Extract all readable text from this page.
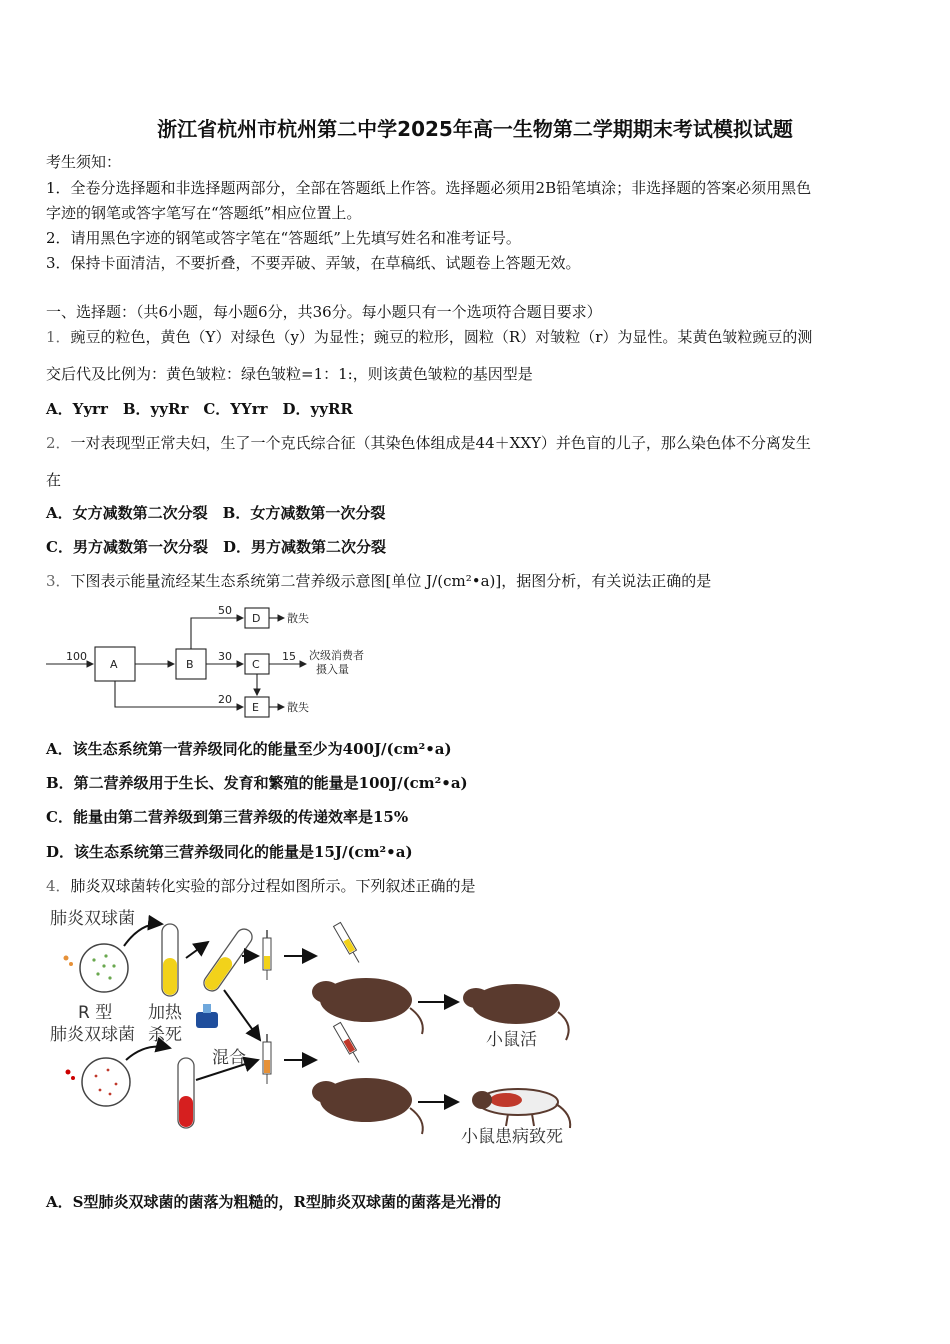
浙江省杭州市杭州第二中学2025年高一生物第二学期期末考试模拟试题
考生须知：
1．全卷分选择题和非选择题两部分，全部在答题纸上作答。选择题必须用2B铅笔填涂；非选择题的答案必须用黑色
字迹的钢笔或答字笔写在“答题纸”相应位置上。
2．请用黑色字迹的钢笔或答字笔在“答题纸”上先填写姓名和准考证号。
3．保持卡面清洁，不要折叠，不要弄破、弄皱，在草稿纸、试题卷上答题无效。
一、选择题：（共6小题，每小题6分，共36分。每小题只有一个选项符合题目要求）
1．豌豆的粒色，黄色（Y）对绿色（y）为显性；豌豆的粒形，圆粒（R）对皱粒（r）为显性。某黄色皱粒豌豆的测
交后代及比例为：黄色皱粒：绿色皱粒=1：1:，则该黄色皱粒的基因型是
A．Yyrr　B．yyRr　C．YYrr　D．yyRR
2．一对表现型正常夫妇，生了一个克氏综合征（其染色体组成是44＋XXY）并色盲的儿子，那么染色体不分离发生
在
A．女方减数第二次分裂　B．女方减数第一次分裂
C．男方减数第一次分裂　D．男方减数第二次分裂
3．下图表示能量流经某生态系统第二营养级示意图[单位 J/(cm²•a)]，据图分析，有关说法正确的是
100
A	B
D
C
E
50
30	15
20
散失
散失
次级消费者
摄入量
A．该生态系统第一营养级同化的能量至少为400J/(cm²•a)
B．第二营养级用于生长、发育和繁殖的能量是100J/(cm²•a)
C．能量由第二营养级到第三营养级的传递效率是15%
D．该生态系统第三营养级同化的能量是15J/(cm²•a)
4．肺炎双球菌转化实验的部分过程如图所示。下列叙述正确的是
肺炎双球菌
R 型
肺炎双球菌
加热
杀死
混合
小鼠活
小鼠患病致死
A．S型肺炎双球菌的菌落为粗糙的，R型肺炎双球菌的菌落是光滑的
